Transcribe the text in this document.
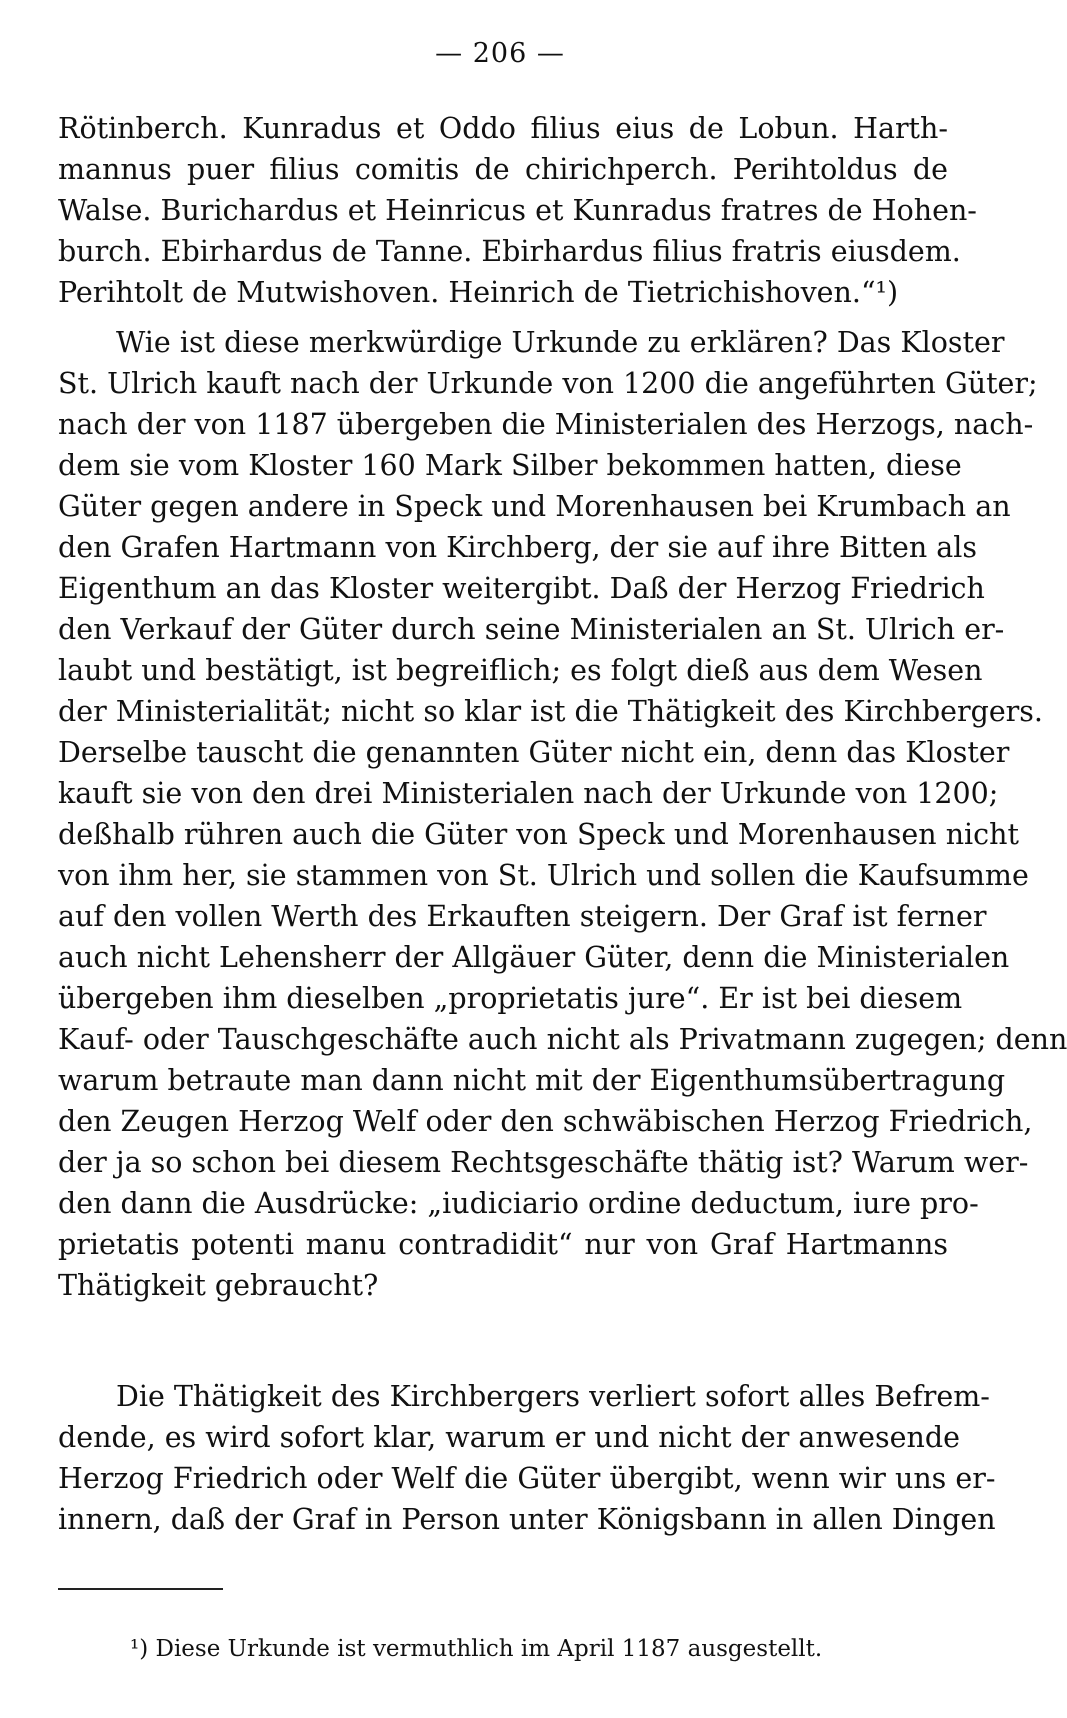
— 206 —
Rötinberch. Kunradus et Oddo filius eius de Lobun. Harth-
mannus puer filius comitis de chirichperch. Perihtoldus de
Walse. Burichardus et Heinricus et Kunradus fratres de Hohen-
burch. Ebirhardus de Tanne. Ebirhardus filius fratris eiusdem.
Perihtolt de Mutwishoven. Heinrich de Tietrichishoven.“¹)
Wie ist diese merkwürdige Urkunde zu erklären? Das Kloster
St. Ulrich kauft nach der Urkunde von 1200 die angeführten Güter;
nach der von 1187 übergeben die Ministerialen des Herzogs, nach-
dem sie vom Kloster 160 Mark Silber bekommen hatten, diese
Güter gegen andere in Speck und Morenhausen bei Krumbach an
den Grafen Hartmann von Kirchberg, der sie auf ihre Bitten als
Eigenthum an das Kloster weitergibt. Daß der Herzog Friedrich
den Verkauf der Güter durch seine Ministerialen an St. Ulrich er-
laubt und bestätigt, ist begreiflich; es folgt dieß aus dem Wesen
der Ministerialität; nicht so klar ist die Thätigkeit des Kirchbergers.
Derselbe tauscht die genannten Güter nicht ein, denn das Kloster
kauft sie von den drei Ministerialen nach der Urkunde von 1200;
deßhalb rühren auch die Güter von Speck und Morenhausen nicht
von ihm her, sie stammen von St. Ulrich und sollen die Kaufsumme
auf den vollen Werth des Erkauften steigern. Der Graf ist ferner
auch nicht Lehensherr der Allgäuer Güter, denn die Ministerialen
übergeben ihm dieselben „proprietatis jure“. Er ist bei diesem
Kauf- oder Tauschgeschäfte auch nicht als Privatmann zugegen; denn
warum betraute man dann nicht mit der Eigenthumsübertragung
den Zeugen Herzog Welf oder den schwäbischen Herzog Friedrich,
der ja so schon bei diesem Rechtsgeschäfte thätig ist? Warum wer-
den dann die Ausdrücke: „iudiciario ordine deductum, iure pro-
prietatis potenti manu contradidit“ nur von Graf Hartmanns
Thätigkeit gebraucht?
Die Thätigkeit des Kirchbergers verliert sofort alles Befrem-
dende, es wird sofort klar, warum er und nicht der anwesende
Herzog Friedrich oder Welf die Güter übergibt, wenn wir uns er-
innern, daß der Graf in Person unter Königsbann in allen Dingen
¹) Diese Urkunde ist vermuthlich im April 1187 ausgestellt.
